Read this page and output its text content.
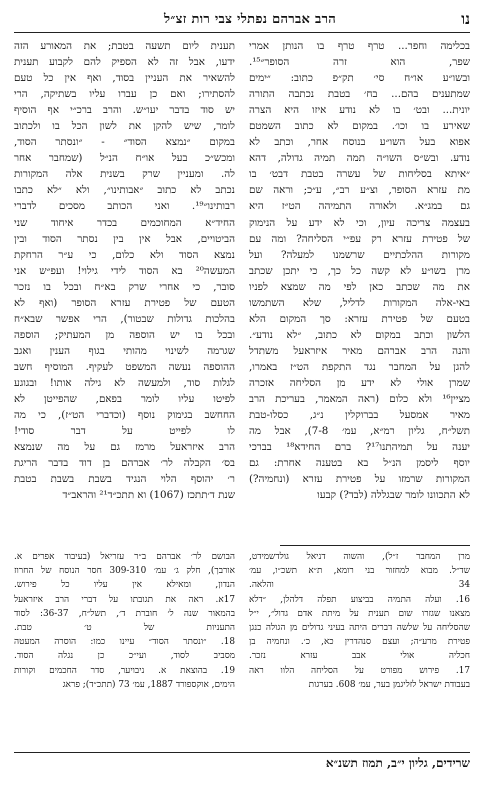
נו
הרב אברהם נפתלי צבי רות זצ״ל
בכלימה וחפר... טרף טרף בו הנותן אמרי
שפר, הוא זרה הסופר״¹⁵.
ובשו״ע או״ח סי׳ תק״פ כתוב: ״ימים
שמתענים בהם... בח׳ בטבת נכתבה התורה
יונית... ובט׳ בו לא נודע איזו היא הצרה
שאירע בו וכו׳. במקום לא כתוב השמטם
אפוא בעל השו״ע בנוסח אחר, וכתב לא
נודע. ובש״ס השו״ה תמה תמיה גדולה, דהא
״איתא בסליחות של עשרה בטבת דבט׳ בו
מת עזרא הסופר, וצ״ע רב״, ע״כ; וראה שם
גם במג״א. ולאורה התמיהה הט״ז היא
בעצמה צריכה עיון, וכי לא ידע על הנימוק
של פטירת עזרא רק עפ״י הסליחה? ומה עם
מקורות ההלכתיים שרשמנו למעלה? ועל
מרן בשו״ע לא קשה כל כך, כי יתכן שכתב
את מה שכתב כאן לפי מה שמצא לפניו
באי-אלה המקורות לדליל, שלא השתמשו
בטעם של פטירת עזרא: סך המקום הלא
הלשון וכתב במקום לא כתוב, ״לא נודע״.
והנה הרב אברהם מאיר איזראעל משתדל
להגן על המחבר נגד התקפת הט״ז באמרו,
שמרן אולי לא ידע מן הסליחה אזכרה
מציין¹⁶ ולא כלום (ראה המאמר, בעריכת הרב
מאיר אמסעל בברוקלין נ״ג, כסלו-טבת
תשל״ח, גליון רמ״א, עמ׳ 7-8), אבל מה
יענה על תמיהתנו¹⁷? ברם החידא¹⁸ בברכי
יוסף ליסמן הנ״ל בא בטענה אחרת: גם
המקורות שרמזו על פטירת עזרא (ונחמיה?)
לא התכוונו לומר שבגללה (לבד?) קבעו
תענית ליום תשעה בטבת; את המאורע הזה
ידעו, אבל זה לא הספיק להם לקבוע תענית
להשאיר את העניין בסוד, ואף אין כל טעם
להסתירו; ואם כן עברו עליו בשתיקה, הרי
יש סוד בדבר יעו״ש. והרב ברכ״י אף הוסיף
לומר, שיש להקן את לשון הכל בו ולכתוב
במקום ״נמצא הסוד״ - ״ונסתר הסוד,
ומכש״כ בעל או״ח הנ״ל (שמחבר אחר
לה. ומעניין שרק בשנית אלה המקורות
נכתב לא כתוב ״אבותינו״, ולא ״לא כתבו
רבותינו״¹⁹. ואני הכותב מסכים לדברי
החיד״א המחוכמים בכדר איחוד שני
הביטויים, אבל אין בין נסתר הסוד ובין
נמצא הסוד ולא כלום, כי ע״ר הרחקת
המעשה²⁰ בא הסוד לידי גילוי! ועפ״ש אני
סובר, כי אחרי שרק בא״ח ובכל בו נזכר
הטעם של פטירת עזרא הסופר (ואף לא
בהלכות גדולות שבטור), הרי אפשר שבא״ח
ובכל בו יש הוספה מן המעתיק; הוספה
שגרמה לשינוי מהותי בגוף הענין ואגב
ההוספה נעשה המשפט לעקיף. המוסיף חשב
לגלות סוד, ולמעשה לא גילה אותו! ובגוגע
לפיטו עליו לומר בפאם, שהפייטן לא
החחשב בגימוק נוסף (וכדברי הט״ז), כי מה
לו לפייט על דבר סודי!
הרב איזראעל מרמז גם על מה שנמצא
בס׳ הקבלה לר׳ אברהם בן דוד בדבר הריגת
ר׳ יהוסף הלוי הנגיד בשבת בשבת בטבת
שנת ד׳תתכז (1067) וא תתכ״ד²¹ והראב״ד
מרן המחבר ז״ל), והשוה דניאל גולדשמידט,
שד״ל. מבוא למחזור בני רומא, ת״א תשכ״ו, עמ׳
34 והלאה.
16. ועלה התמיה בביצוע תפלה דלהלן, ״דלא
מצאנו שגזרו שום תענית על מיתת אדם גדול״, י״ל
שהסליחה על שלשה דברים היתה בעיני גדולים מן הגולה כנגן
פטירת מרע״ה; ועצם סנהדרין כא, כ׳. ונחמיה בן
חכליה אולי אבב עזרא נזכר.
17. פירוש מפורט על הסליחה הלוו ראה
בעבודת ישראל לזליגמן בער, עמ׳ 608. בערגות
הבושם לר׳ אברהם ב״ר עזריאל (בעיבוד אפרים א.
אורבך), חלק ג׳ עמ׳ 309-310 חסר הנוסח של החרוז
הנדון, ומאילא אין עליו כל פירוש.
17א. ראה את תגובתו על דברי הרב איזראעל
בהמאור שנה ל׳ חוברת ד׳, תשל״ח, 36-37: לסוד
התעניות של ט׳ טבת.
18. ״ונסתר הסוד״ עיינו כמו: הוסרה המעטה
מסביב לסוד, ועי״כ כן נגלה הסוד.
19. בהוצאת א. ניבויער, סדר החכמים וקורות
הימים, אוקספורד 1887, עמ׳ 73 (תתכ״ד); פראג
שרידים, גליון י״ב, תמוז תשנ״א
